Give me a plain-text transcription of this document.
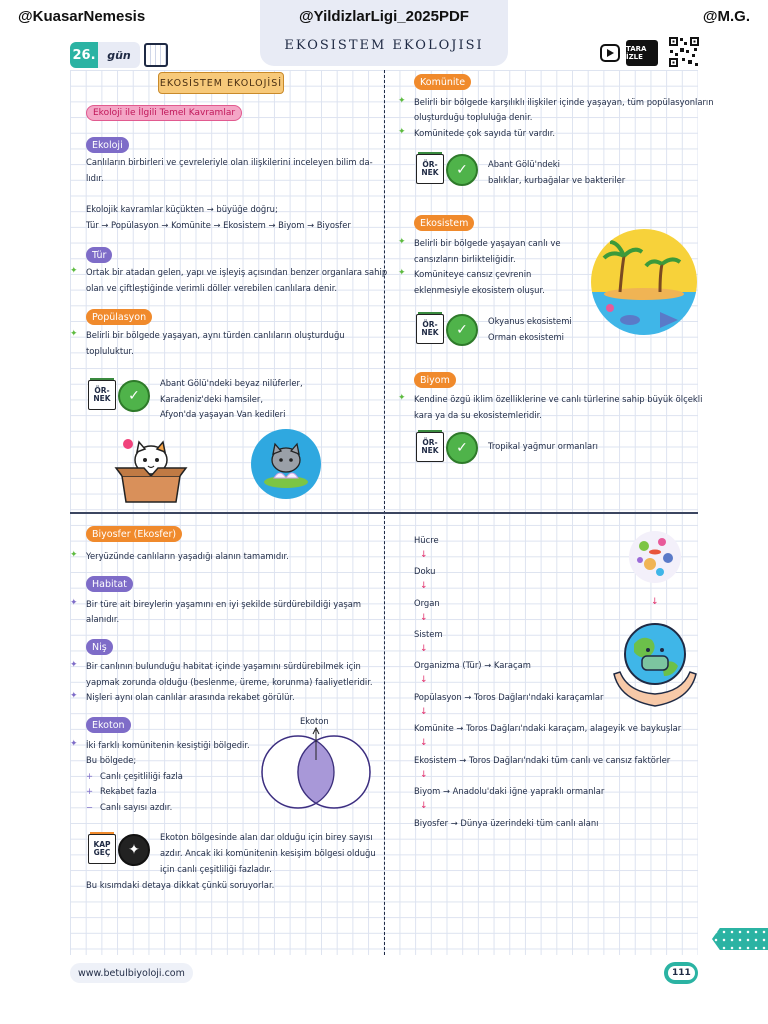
@KuasarNemesis	@M.G.
@YildizlarLigi_2025PDF
EKOSISTEM EKOLOJISI
26.	gün	TARA İZLE
EKOSİSTEM EKOLOJİSİ
Ekoloji ile İlgili Temel Kavramlar
Ekoloji
Canlıların birbirleri ve çevreleriyle olan ilişkilerini inceleyen bilim da-
lıdır.
Ekolojik kavramlar küçükten → büyüğe doğru;
Tür → Popülasyon → Komünite → Ekosistem → Biyom → Biyosfer
Tür
✦ Ortak bir atadan gelen, yapı ve işleyiş açısından benzer organlara sahip
olan ve çiftleştiğinde verimli döller verebilen canlılara denir.
Popülasyon
✦ Belirli bir bölgede yaşayan, aynı türden canlıların oluşturduğu
topluluktur.
ÖR-
NEK	✓
Abant Gölü'ndeki beyaz nilüferler,
Karadeniz'deki hamsiler,
Afyon'da yaşayan Van kedileri
Komünite
✦ Belirli bir bölgede karşılıklı ilişkiler içinde yaşayan, tüm popülasyonların
oluşturduğu topluluğa denir.
✦ Komünitede çok sayıda tür vardır.
ÖR-
NEK	✓	Abant Gölü'ndeki
balıklar, kurbağalar ve bakteriler
Ekosistem
✦ Belirli bir bölgede yaşayan canlı ve
cansızların birlikteliğidir.
✦ Komüniteye cansız çevrenin
eklenmesiyle ekosistem oluşur.
ÖR-
NEK	✓
Okyanus ekosistemi
Orman ekosistemi
Biyom
✦ Kendine özgü iklim özelliklerine ve canlı türlerine sahip büyük ölçekli
kara ya da su ekosistemleridir.
ÖR-
NEK	✓	Tropikal yağmur ormanları
Biyosfer (Ekosfer)
✦ Yeryüzünde canlıların yaşadığı alanın tamamıdır.
Habitat
✦ Bir türe ait bireylerin yaşamını en iyi şekilde sürdürebildiği yaşam
alanıdır.
Niş
✦ Bir canlının bulunduğu habitat içinde yaşamını sürdürebilmek için
yapmak zorunda olduğu (beslenme, üreme, korunma) faaliyetleridir.
✦ Nişleri aynı olan canlılar arasında rekabet görülür.
Ekoton
✦ İki farklı komünitenin kesiştiği bölgedir.
Bu bölgede;
+ Canlı çeşitliliği fazla
+ Rekabet fazla
− Canlı sayısı azdır.
Ekoton
KAP
GEÇ	✦
Ekoton bölgesinde alan dar olduğu için birey sayısı
azdır. Ancak iki komünitenin kesişim bölgesi olduğu
için canlı çeşitliliği fazladır.
Bu kısımdaki detaya dikkat çünkü soruyorlar.
Hücre
↓
Doku
↓
Organ
↓
Sistem
↓
Organizma (Tür) → Karaçam
↓
Popülasyon → Toros Dağları'ndaki karaçamlar
↓
Komünite → Toros Dağları'ndaki karaçam, alageyik ve baykuşlar
↓
Ekosistem → Toros Dağları'ndaki tüm canlı ve cansız faktörler
↓
Biyom → Anadolu'daki iğne yapraklı ormanlar
↓
Biyosfer → Dünya üzerindeki tüm canlı alanı
↓
www.betulbiyoloji.com	111
